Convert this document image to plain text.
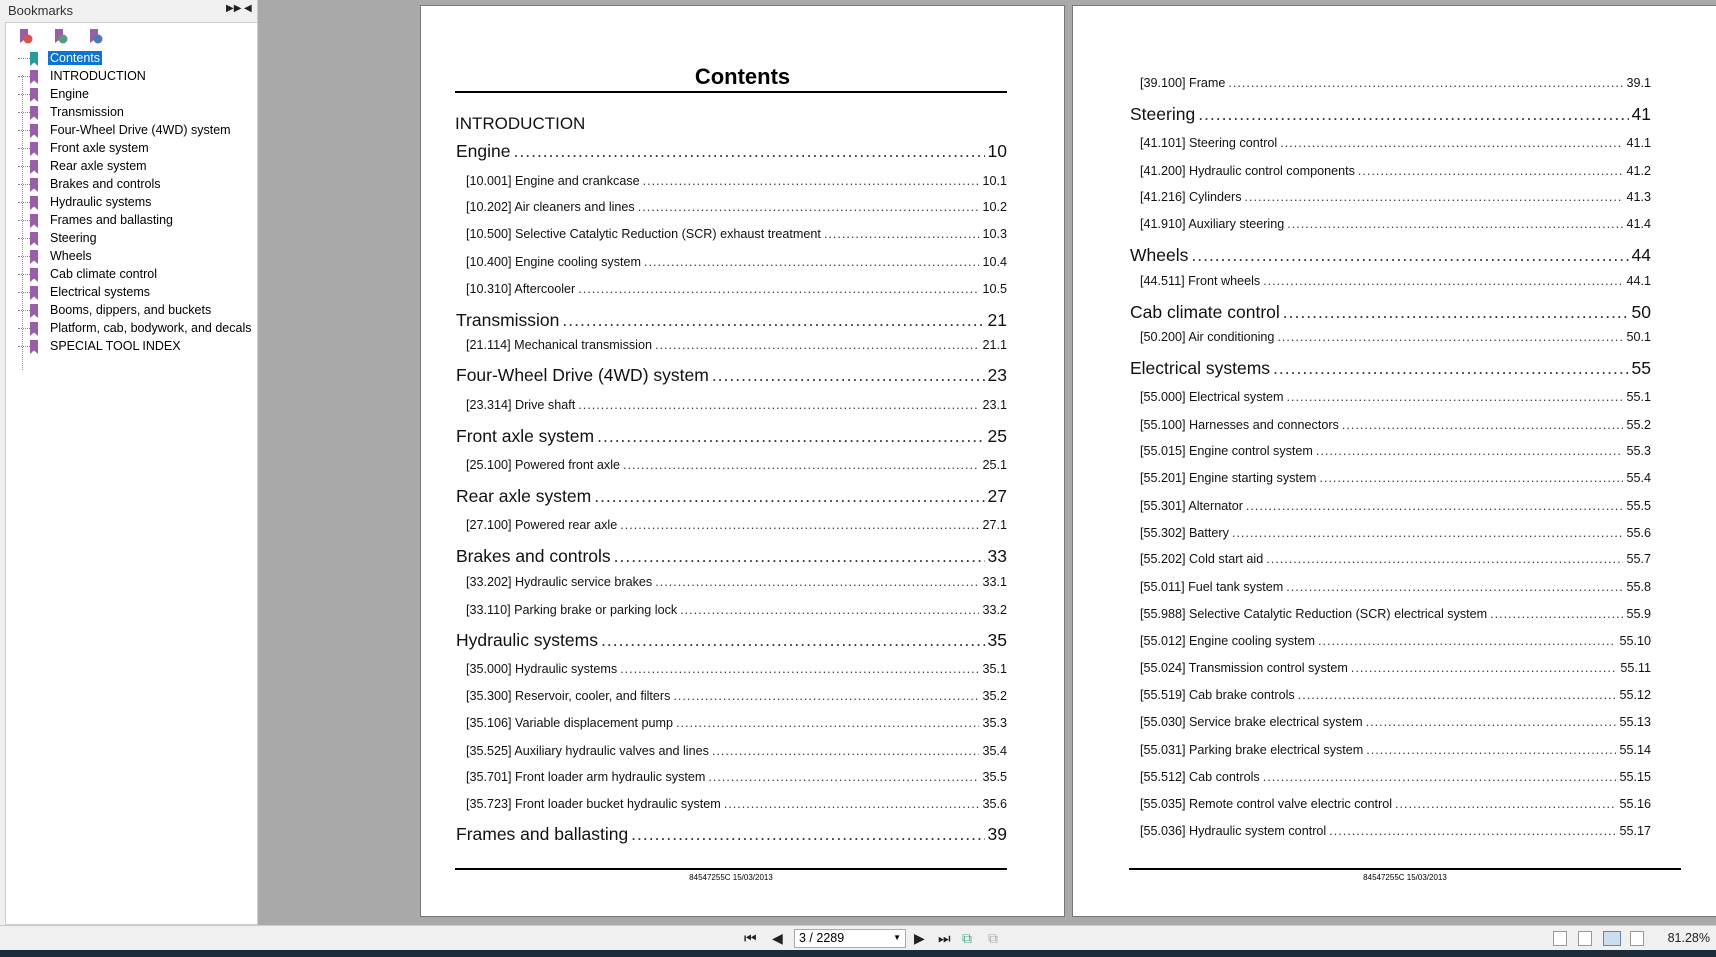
Bookmarks	▶▶ ◀
Contents
INTRODUCTION
Engine
Transmission
Four-Wheel Drive (4WD) system
Front axle system
Rear axle system
Brakes and controls
Hydraulic systems
Frames and ballasting
Steering
Wheels
Cab climate control
Electrical systems
Booms, dippers, and buckets
Platform, cab, bodywork, and decals
SPECIAL TOOL INDEX
Contents
INTRODUCTION
Engine .....	10
[10.001] Engine and crankcase .....	10.1
[10.202] Air cleaners and lines .....	10.2
[10.500] Selective Catalytic Reduction (SCR) exhaust treatment .....	10.3
[10.400] Engine cooling system .....	10.4
[10.310] Aftercooler .....	10.5
Transmission .....	21
[21.114] Mechanical transmission .....	21.1
Four-Wheel Drive (4WD) system .....	23
[23.314] Drive shaft .....	23.1
Front axle system .....	25
[25.100] Powered front axle .....	25.1
Rear axle system .....	27
[27.100] Powered rear axle .....	27.1
Brakes and controls .....	33
[33.202] Hydraulic service brakes .....	33.1
[33.110] Parking brake or parking lock .....	33.2
Hydraulic systems .....	35
[35.000] Hydraulic systems .....	35.1
[35.300] Reservoir, cooler, and filters .....	35.2
[35.106] Variable displacement pump .....	35.3
[35.525] Auxiliary hydraulic valves and lines .....	35.4
[35.701] Front loader arm hydraulic system .....	35.5
[35.723] Front loader bucket hydraulic system .....	35.6
Frames and ballasting .....	39
84547255C 15/03/2013
[39.100] Frame .....	39.1
Steering .....	41
[41.101] Steering control .....	41.1
[41.200] Hydraulic control components .....	41.2
[41.216] Cylinders .....	41.3
[41.910] Auxiliary steering .....	41.4
Wheels .....	44
[44.511] Front wheels .....	44.1
Cab climate control .....	50
[50.200] Air conditioning .....	50.1
Electrical systems .....	55
[55.000] Electrical system .....	55.1
[55.100] Harnesses and connectors .....	55.2
[55.015] Engine control system .....	55.3
[55.201] Engine starting system .....	55.4
[55.301] Alternator .....	55.5
[55.302] Battery .....	55.6
[55.202] Cold start aid .....	55.7
[55.011] Fuel tank system .....	55.8
[55.988] Selective Catalytic Reduction (SCR) electrical system .....	55.9
[55.012] Engine cooling system .....	55.10
[55.024] Transmission control system .....	55.11
[55.519] Cab brake controls .....	55.12
[55.030] Service brake electrical system .....	55.13
[55.031] Parking brake electrical system .....	55.14
[55.512] Cab controls .....	55.15
[55.035] Remote control valve electric control .....	55.16
[55.036] Hydraulic system control .....	55.17
84547255C 15/03/2013
⏮ ◀	3 / 2289	▼ ▶ ⏭ ⧉ ⧉	81.28%
